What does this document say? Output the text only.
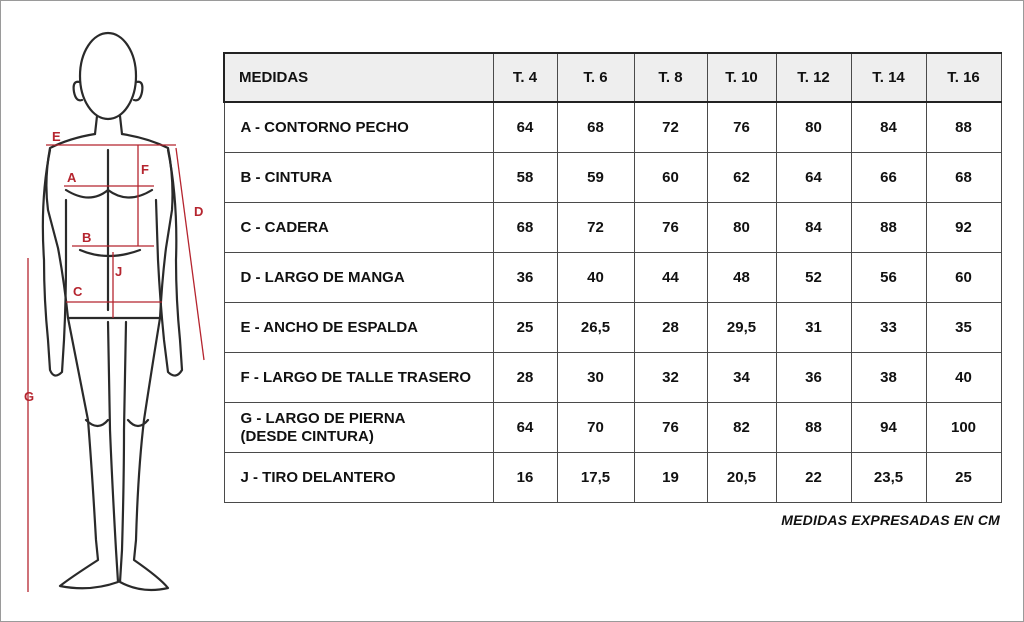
E
A
F
D
B
J
C
G
MEDIDAS	T. 4	T. 6	T. 8	T. 10	T. 12	T. 14	T. 16
A - CONTORNO PECHO	64	68	72	76	80	84	88
B - CINTURA	58	59	60	62	64	66	68
C - CADERA	68	72	76	80	84	88	92
D - LARGO DE MANGA	36	40	44	48	52	56	60
E - ANCHO DE ESPALDA	25	26,5	28	29,5	31	33	35
F - LARGO DE TALLE TRASERO	28	30	32	34	36	38	40
G - LARGO DE PIERNA
(DESDE CINTURA)	64	70	76	82	88	94	100
J - TIRO DELANTERO	16	17,5	19	20,5	22	23,5	25
MEDIDAS EXPRESADAS EN CM
